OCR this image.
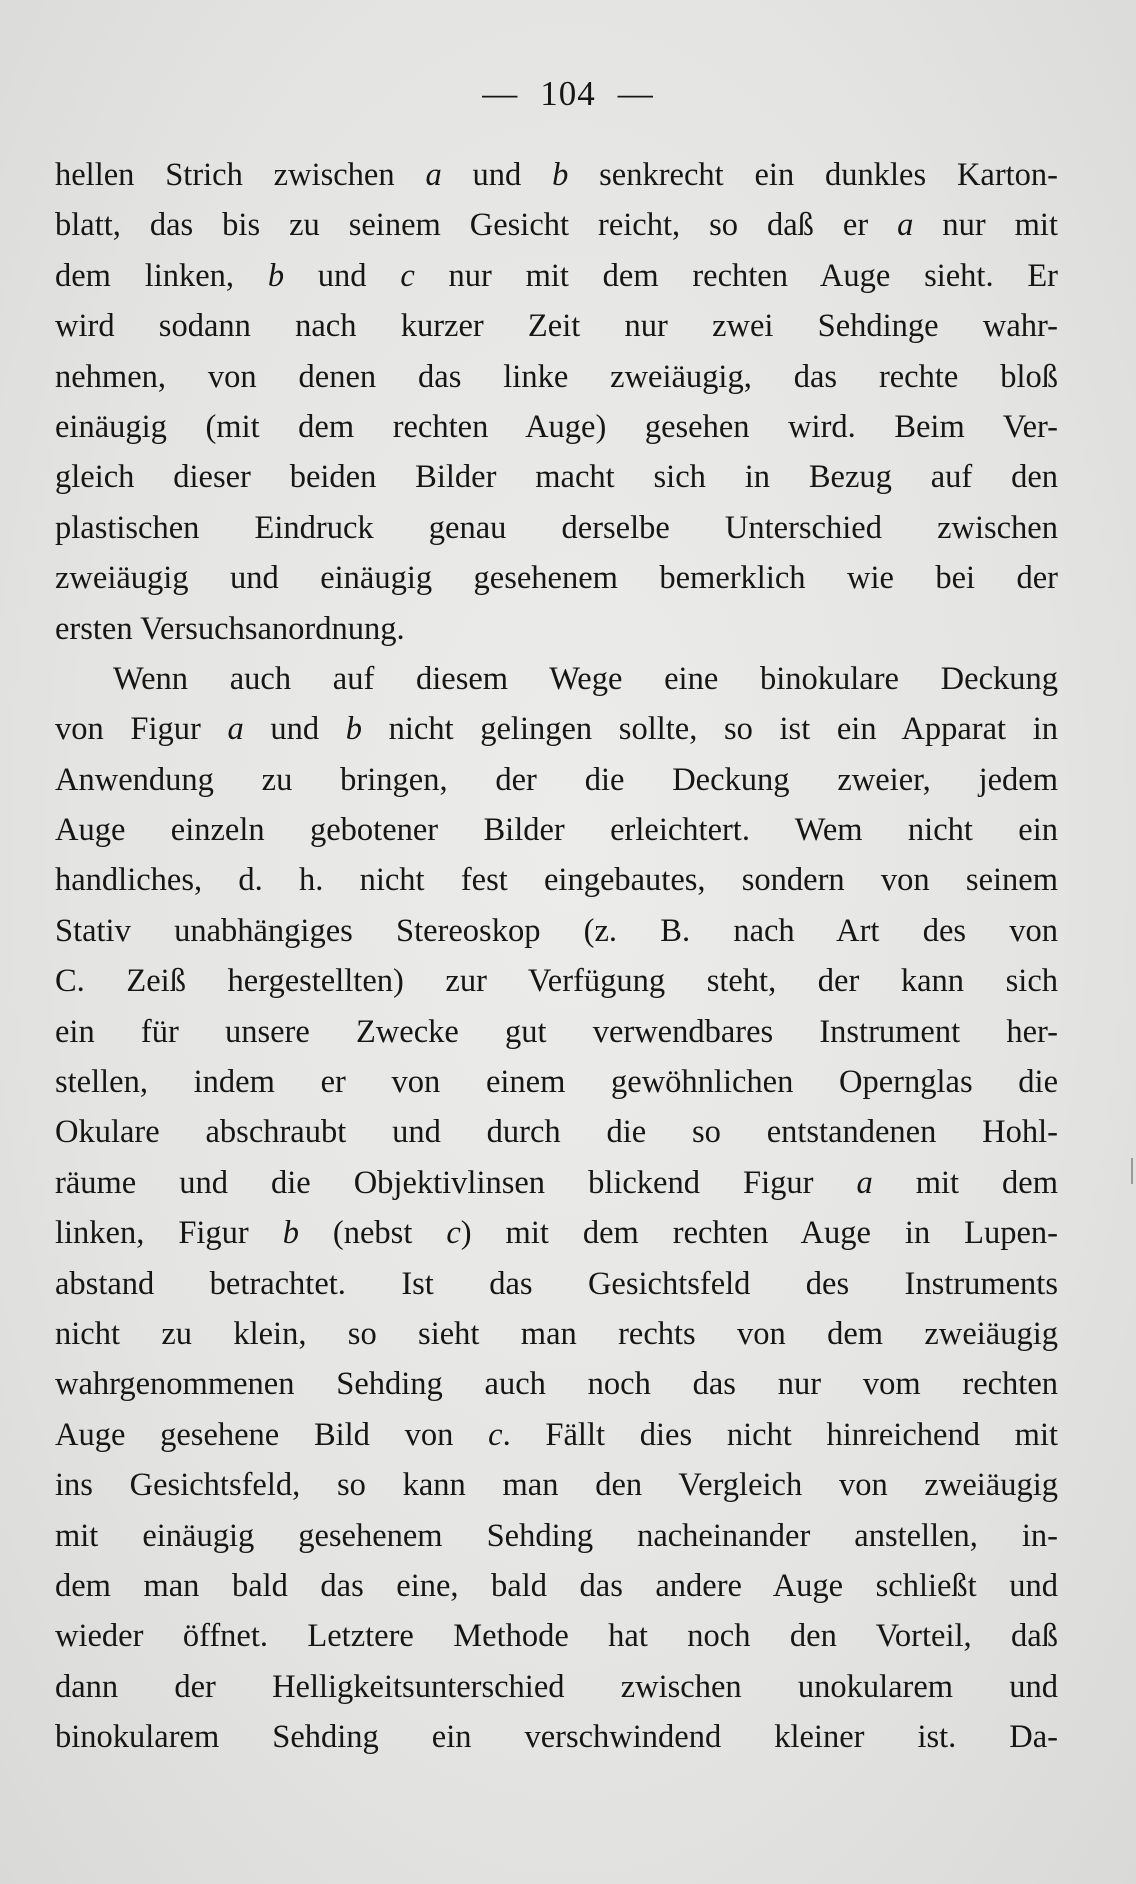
— 104 —
hellen Strich zwischen a und b senkrecht ein dunkles Karton-
blatt, das bis zu seinem Gesicht reicht, so daß er a nur mit
dem linken, b und c nur mit dem rechten Auge sieht. Er
wird sodann nach kurzer Zeit nur zwei Sehdinge wahr-
nehmen, von denen das linke zweiäugig, das rechte bloß
einäugig (mit dem rechten Auge) gesehen wird. Beim Ver-
gleich dieser beiden Bilder macht sich in Bezug auf den
plastischen Eindruck genau derselbe Unterschied zwischen
zweiäugig und einäugig gesehenem bemerklich wie bei der
ersten Versuchsanordnung.
Wenn auch auf diesem Wege eine binokulare Deckung
von Figur a und b nicht gelingen sollte, so ist ein Apparat in
Anwendung zu bringen, der die Deckung zweier, jedem
Auge einzeln gebotener Bilder erleichtert. Wem nicht ein
handliches, d. h. nicht fest eingebautes, sondern von seinem
Stativ unabhängiges Stereoskop (z. B. nach Art des von
C. Zeiß hergestellten) zur Verfügung steht, der kann sich
ein für unsere Zwecke gut verwendbares Instrument her-
stellen, indem er von einem gewöhnlichen Opernglas die
Okulare abschraubt und durch die so entstandenen Hohl-
räume und die Objektivlinsen blickend Figur a mit dem
linken, Figur b (nebst c) mit dem rechten Auge in Lupen-
abstand betrachtet. Ist das Gesichtsfeld des Instruments
nicht zu klein, so sieht man rechts von dem zweiäugig
wahrgenommenen Sehding auch noch das nur vom rechten
Auge gesehene Bild von c. Fällt dies nicht hinreichend mit
ins Gesichtsfeld, so kann man den Vergleich von zweiäugig
mit einäugig gesehenem Sehding nacheinander anstellen, in-
dem man bald das eine, bald das andere Auge schließt und
wieder öffnet. Letztere Methode hat noch den Vorteil, daß
dann der Helligkeitsunterschied zwischen unokularem und
binokularem Sehding ein verschwindend kleiner ist. Da-
